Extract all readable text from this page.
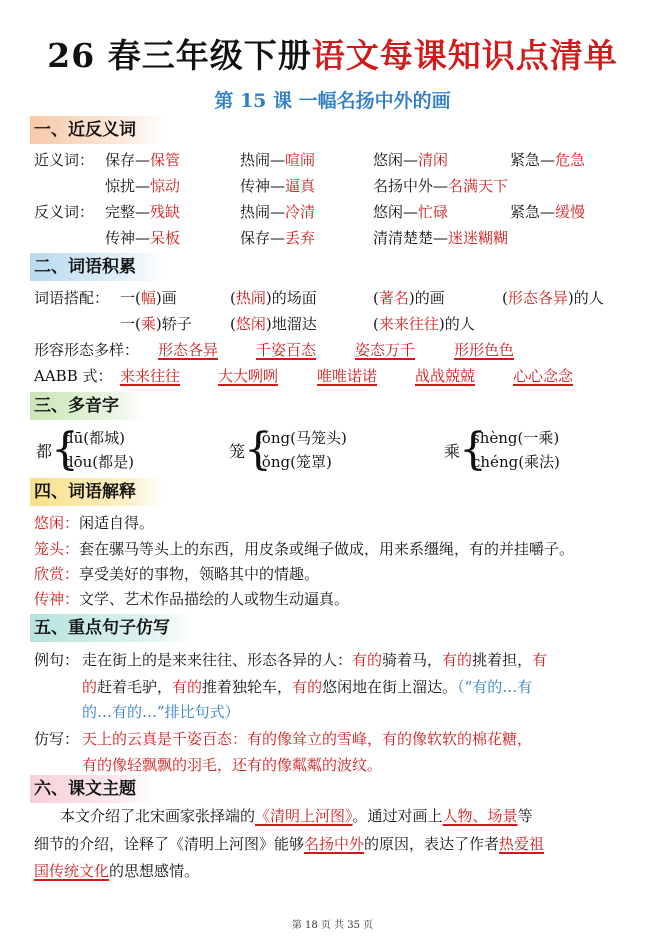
26 春三年级下册语文每课知识点清单
第 15 课 一幅名扬中外的画
一、近反义词
近义词： 保存—保管	热闹—喧闹	悠闲—清闲	紧急—危急
惊扰—惊动	传神—逼真	名扬中外—名满天下
反义词： 完整—残缺	热闹—冷清	悠闲—忙碌	紧急—缓慢
传神—呆板	保存—丢弃	清清楚楚—迷迷糊糊
二、词语积累
词语搭配： 一(幅)画	(热闹)的场面	(著名)的画	(形态各异)的人
一(乘)轿子	(悠闲)地溜达	(来来往往)的人
形容形态多样： 形态各异	千姿百态	姿态万千	形形色色
AABB 式： 来来往往	大大咧咧	唯唯诺诺	战战兢兢	心心念念
三、多音字
都
{
dū(都城)
dōu(都是)
笼
{
lóng(马笼头)
lǒng(笼罩)
乘
{
shèng(一乘)
chéng(乘法)
四、词语解释
悠闲：闲适自得。
笼头：套在骡马等头上的东西，用皮条或绳子做成，用来系缰绳，有的并挂嚼子。
欣赏：享受美好的事物，领略其中的情趣。
传神：文学、艺术作品描绘的人或物生动逼真。
五、重点句子仿写
例句： 走在街上的是来来往往、形态各异的人：有的骑着马，有的挑着担，有
的赶着毛驴，有的推着独轮车，有的悠闲地在街上溜达。（“有的…有
的…有的…”排比句式）
仿写： 天上的云真是千姿百态：有的像耸立的雪峰，有的像软软的棉花糖，
有的像轻飘飘的羽毛，还有的像粼粼的波纹。
六、课文主题
本文介绍了北宋画家张择端的《清明上河图》。通过对画上人物、场景等
细节的介绍，诠释了《清明上河图》能够名扬中外的原因，表达了作者热爱祖
国传统文化的思想感情。
第 18 页 共 35 页
